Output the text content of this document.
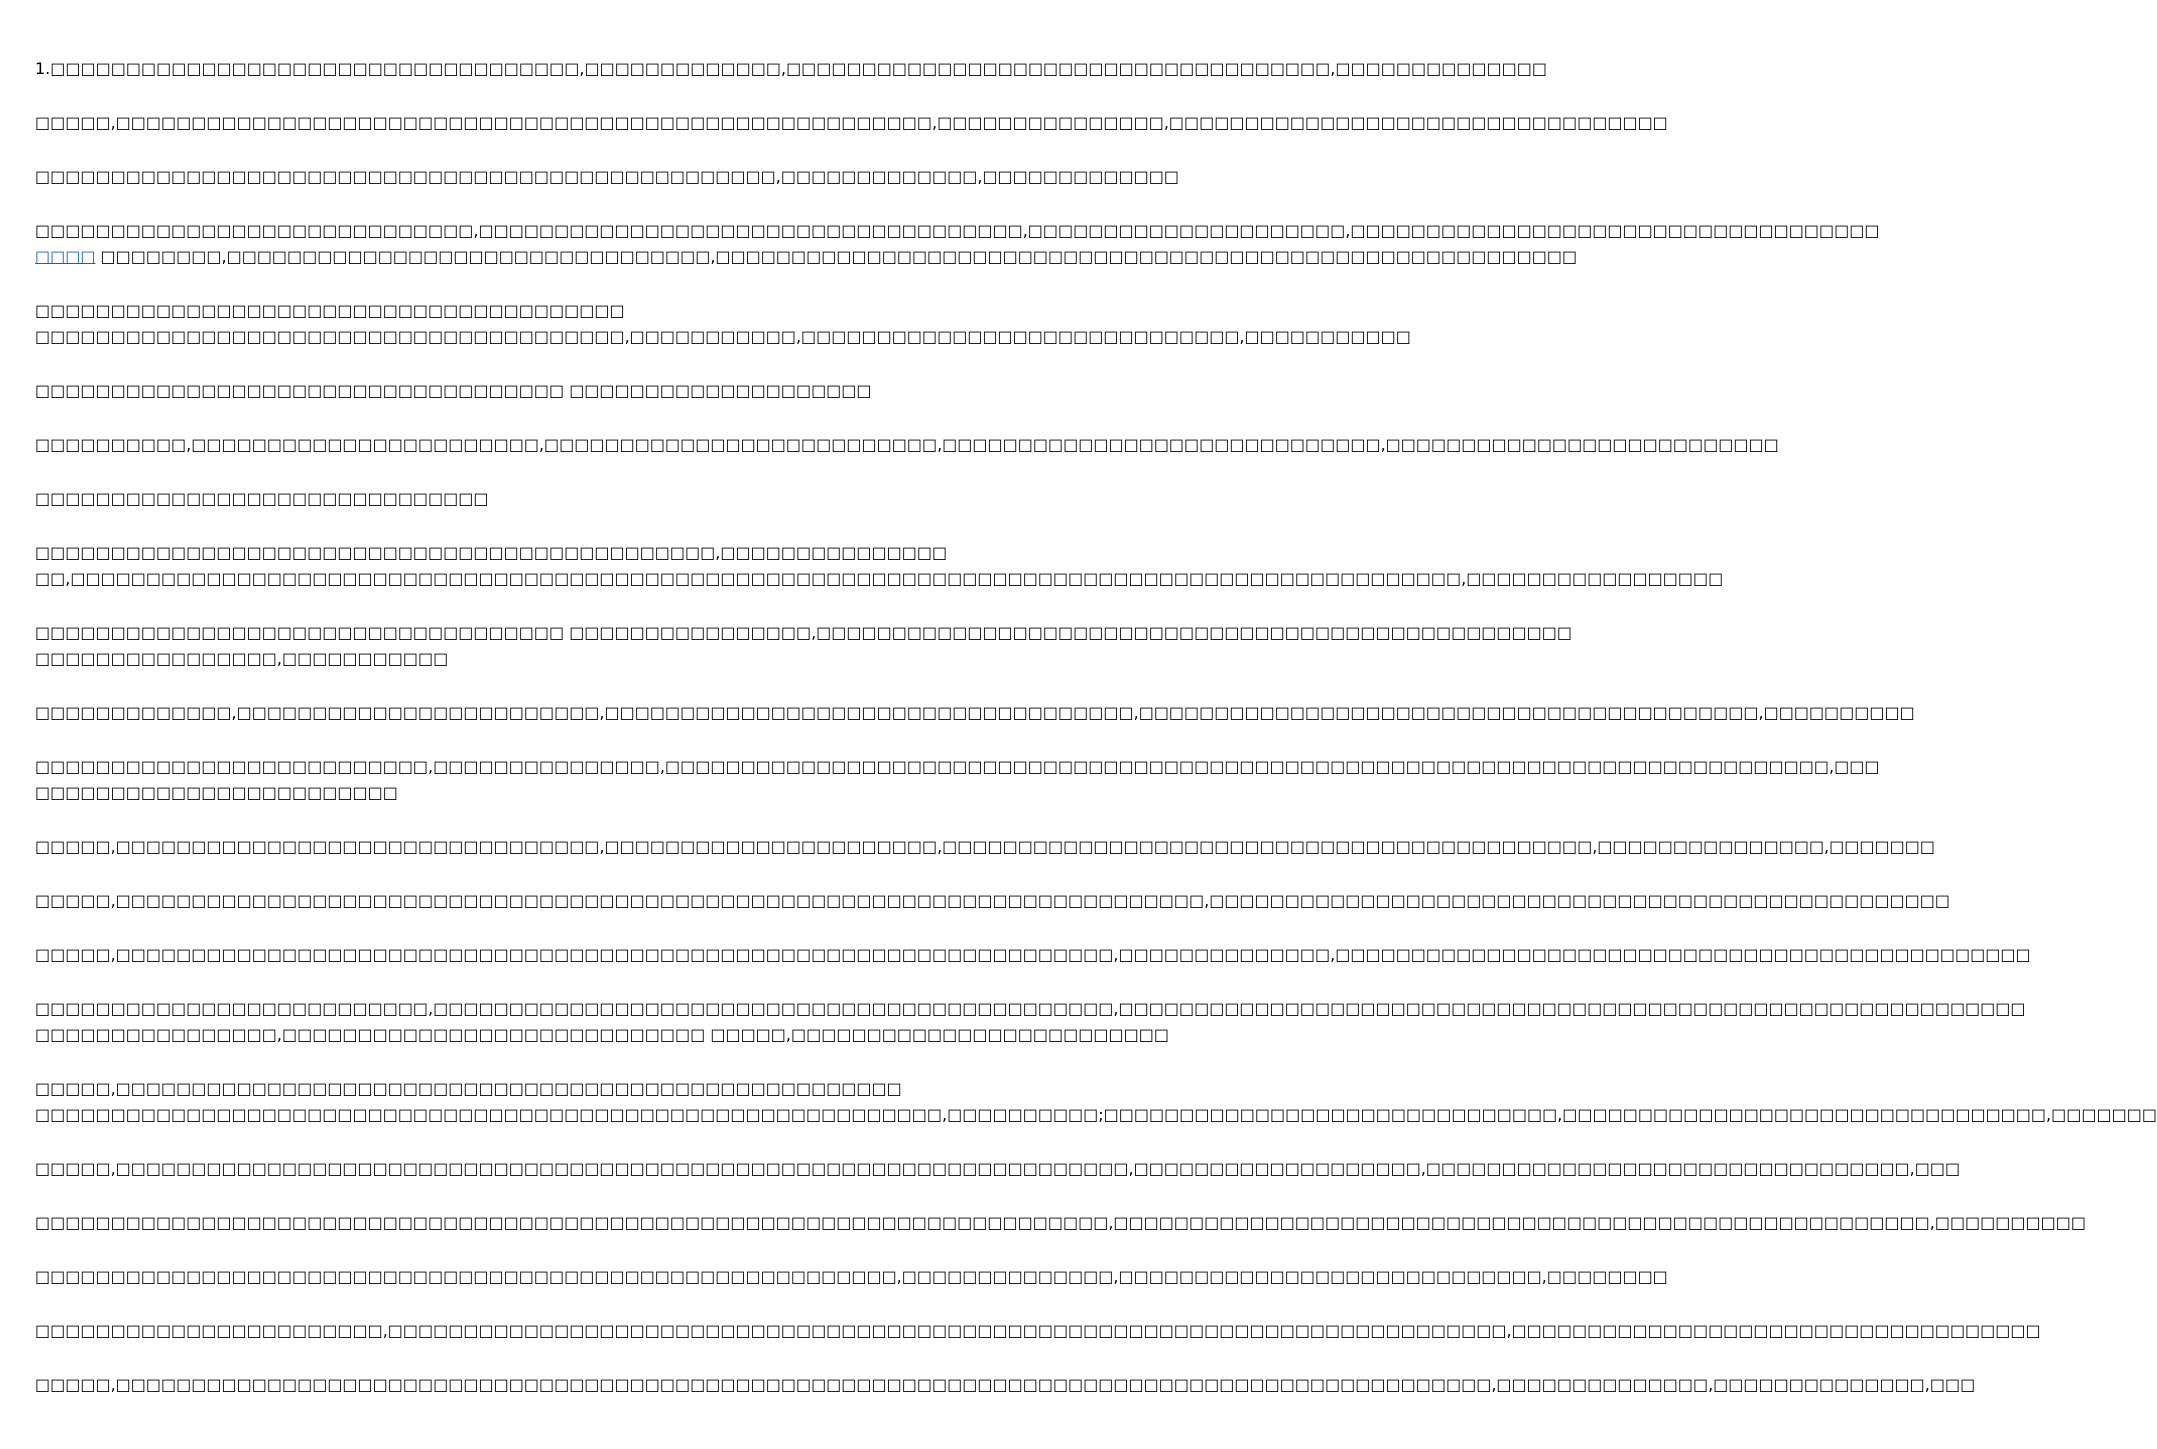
1.□□□□□□□□□□□□□□□□□□□□□□□□□□□□□□□□□□□,□□□□□□□□□□□□□,□□□□□□□□□□□□□□□□□□□□□□□□□□□□□□□□□□□□,□□□□□□□□□□□□□□

□□□□□,□□□□□□□□□□□□□□□□□□□□□□□□□□□□□□□□□□□□□□□□□□□□□□□□□□□□□□,□□□□□□□□□□□□□□□,□□□□□□□□□□□□□□□□□□□□□□□□□□□□□□□□□

□□□□□□□□□□□□□□□□□□□□□□□□□□□□□□□□□□□□□□□□□□□□□□□□□,□□□□□□□□□□□□□,□□□□□□□□□□□□□

□□□□□□□□□□□□□□□□□□□□□□□□□□□□□,□□□□□□□□□□□□□□□□□□□□□□□□□□□□□□□□□□□□,□□□□□□□□□□□□□□□□□□□□□,□□□□□□□□□□□□□□□□□□□□□□□□□□□□□□□□□□□
□□□□ □□□□□□□□,□□□□□□□□□□□□□□□□□□□□□□□□□□□□□□□□,□□□□□□□□□□□□□□□□□□□□□□□□□□□□□□□□□□□□□□□□□□□□□□□□□□□□□□□□□

□□□□□□□□□□□□□□□□□□□□□□□□□□□□□□□□□□□□□□□
□□□□□□□□□□□□□□□□□□□□□□□□□□□□□□□□□□□□□□□,□□□□□□□□□□□,□□□□□□□□□□□□□□□□□□□□□□□□□□□□□,□□□□□□□□□□□

□□□□□□□□□□□□□□□□□□□□□□□□□□□□□□□□□□□ □□□□□□□□□□□□□□□□□□□□

□□□□□□□□□□,□□□□□□□□□□□□□□□□□□□□□□□,□□□□□□□□□□□□□□□□□□□□□□□□□□,□□□□□□□□□□□□□□□□□□□□□□□□□□□□□,□□□□□□□□□□□□□□□□□□□□□□□□□□

□□□□□□□□□□□□□□□□□□□□□□□□□□□□□□

□□□□□□□□□□□□□□□□□□□□□□□□□□□□□□□□□□□□□□□□□□□□□,□□□□□□□□□□□□□□□
□□,□□□□□□□□□□□□□□□□□□□□□□□□□□□□□□□□□□□□□□□□□□□□□□□□□□□□□□□□□□□□□□□□□□□□□□□□□□□□□□□□□□□□□□□□□□□□,□□□□□□□□□□□□□□□□□

□□□□□□□□□□□□□□□□□□□□□□□□□□□□□□□□□□□ □□□□□□□□□□□□□□□□,□□□□□□□□□□□□□□□□□□□□□□□□□□□□□□□□□□□□□□□□□□□□□□□□□□
□□□□□□□□□□□□□□□□,□□□□□□□□□□□

□□□□□□□□□□□□□,□□□□□□□□□□□□□□□□□□□□□□□□,□□□□□□□□□□□□□□□□□□□□□□□□□□□□□□□□□□□,□□□□□□□□□□□□□□□□□□□□□□□□□□□□□□□□□□□□□□□□□,□□□□□□□□□□

□□□□□□□□□□□□□□□□□□□□□□□□□□,□□□□□□□□□□□□□□□,□□□□□□□□□□□□□□□□□□□□□□□□□□□□□□□□□□□□□□□□□□□□□□□□□□□□□□□□□□□□□□□□□□□□□□□□□□□□□,□□□
□□□□□□□□□□□□□□□□□□□□□□□□

□□□□□,□□□□□□□□□□□□□□□□□□□□□□□□□□□□□□□□,□□□□□□□□□□□□□□□□□□□□□□,□□□□□□□□□□□□□□□□□□□□□□□□□□□□□□□□□□□□□□□□□□□,□□□□□□□□□□□□□□□,□□□□□□□

□□□□□,□□□□□□□□□□□□□□□□□□□□□□□□□□□□□□□□□□□□□□□□□□□□□□□□□□□□□□□□□□□□□□□□□□□□□□□□,□□□□□□□□□□□□□□□□□□□□□□□□□□□□□□□□□□□□□□□□□□□□□□□□□

□□□□□,□□□□□□□□□□□□□□□□□□□□□□□□□□□□□□□□□□□□□□□□□□□□□□□□□□□□□□□□□□□□□□□□□□,□□□□□□□□□□□□□□,□□□□□□□□□□□□□□□□□□□□□□□□□□□□□□□□□□□□□□□□□□□□□□

□□□□□□□□□□□□□□□□□□□□□□□□□□,□□□□□□□□□□□□□□□□□□□□□□□□□□□□□□□□□□□□□□□□□□□□□,□□□□□□□□□□□□□□□□□□□□□□□□□□□□□□□□□□□□□□□□□□□□□□□□□□□□□□□□□□□□
□□□□□□□□□□□□□□□□,□□□□□□□□□□□□□□□□□□□□□□□□□□□□ □□□□□,□□□□□□□□□□□□□□□□□□□□□□□□□

□□□□□,□□□□□□□□□□□□□□□□□□□□□□□□□□□□□□□□□□□□□□□□□□□□□□□□□□□□
□□□□□□□□□□□□□□□□□□□□□□□□□□□□□□□□□□□□□□□□□□□□□□□□□□□□□□□□□□□□,□□□□□□□□□□;□□□□□□□□□□□□□□□□□□□□□□□□□□□□□□,□□□□□□□□□□□□□□□□□□□□□□□□□□□□□□□□,□□□□□□□

□□□□□,□□□□□□□□□□□□□□□□□□□□□□□□□□□□□□□□□□□□□□□□□□□□□□□□□□□□□□□□□□□□□□□□□□□,□□□□□□□□□□□□□□□□□□□,□□□□□□□□□□□□□□□□□□□□□□□□□□□□□□□□,□□□

□□□□□□□□□□□□□□□□□□□□□□□□□□□□□□□□□□□□□□□□□□□□□□□□□□□□□□□□□□□□□□□□□□□□□□□,□□□□□□□□□□□□□□□□□□□□□□□□□□□□□□□□□□□□□□□□□□□□□□□□□□□□□□,□□□□□□□□□□

□□□□□□□□□□□□□□□□□□□□□□□□□□□□□□□□□□□□□□□□□□□□□□□□□□□□□□□□□,□□□□□□□□□□□□□□,□□□□□□□□□□□□□□□□□□□□□□□□□□□□,□□□□□□□□

□□□□□□□□□□□□□□□□□□□□□□□,□□□□□□□□□□□□□□□□□□□□□□□□□□□□□□□□□□□□□□□□□□□□□□□□□□□□□□□□□□□□□□□□□□□□□□□□□□,□□□□□□□□□□□□□□□□□□□□□□□□□□□□□□□□□□□

□□□□□,□□□□□□□□□□□□□□□□□□□□□□□□□□□□□□□□□□□□□□□□□□□□□□□□□□□□□□□□□□□□□□□□□□□□□□□□□□□□□□□□□□□□□□□□□□□,□□□□□□□□□□□□□□,□□□□□□□□□□□□□□,□□□
